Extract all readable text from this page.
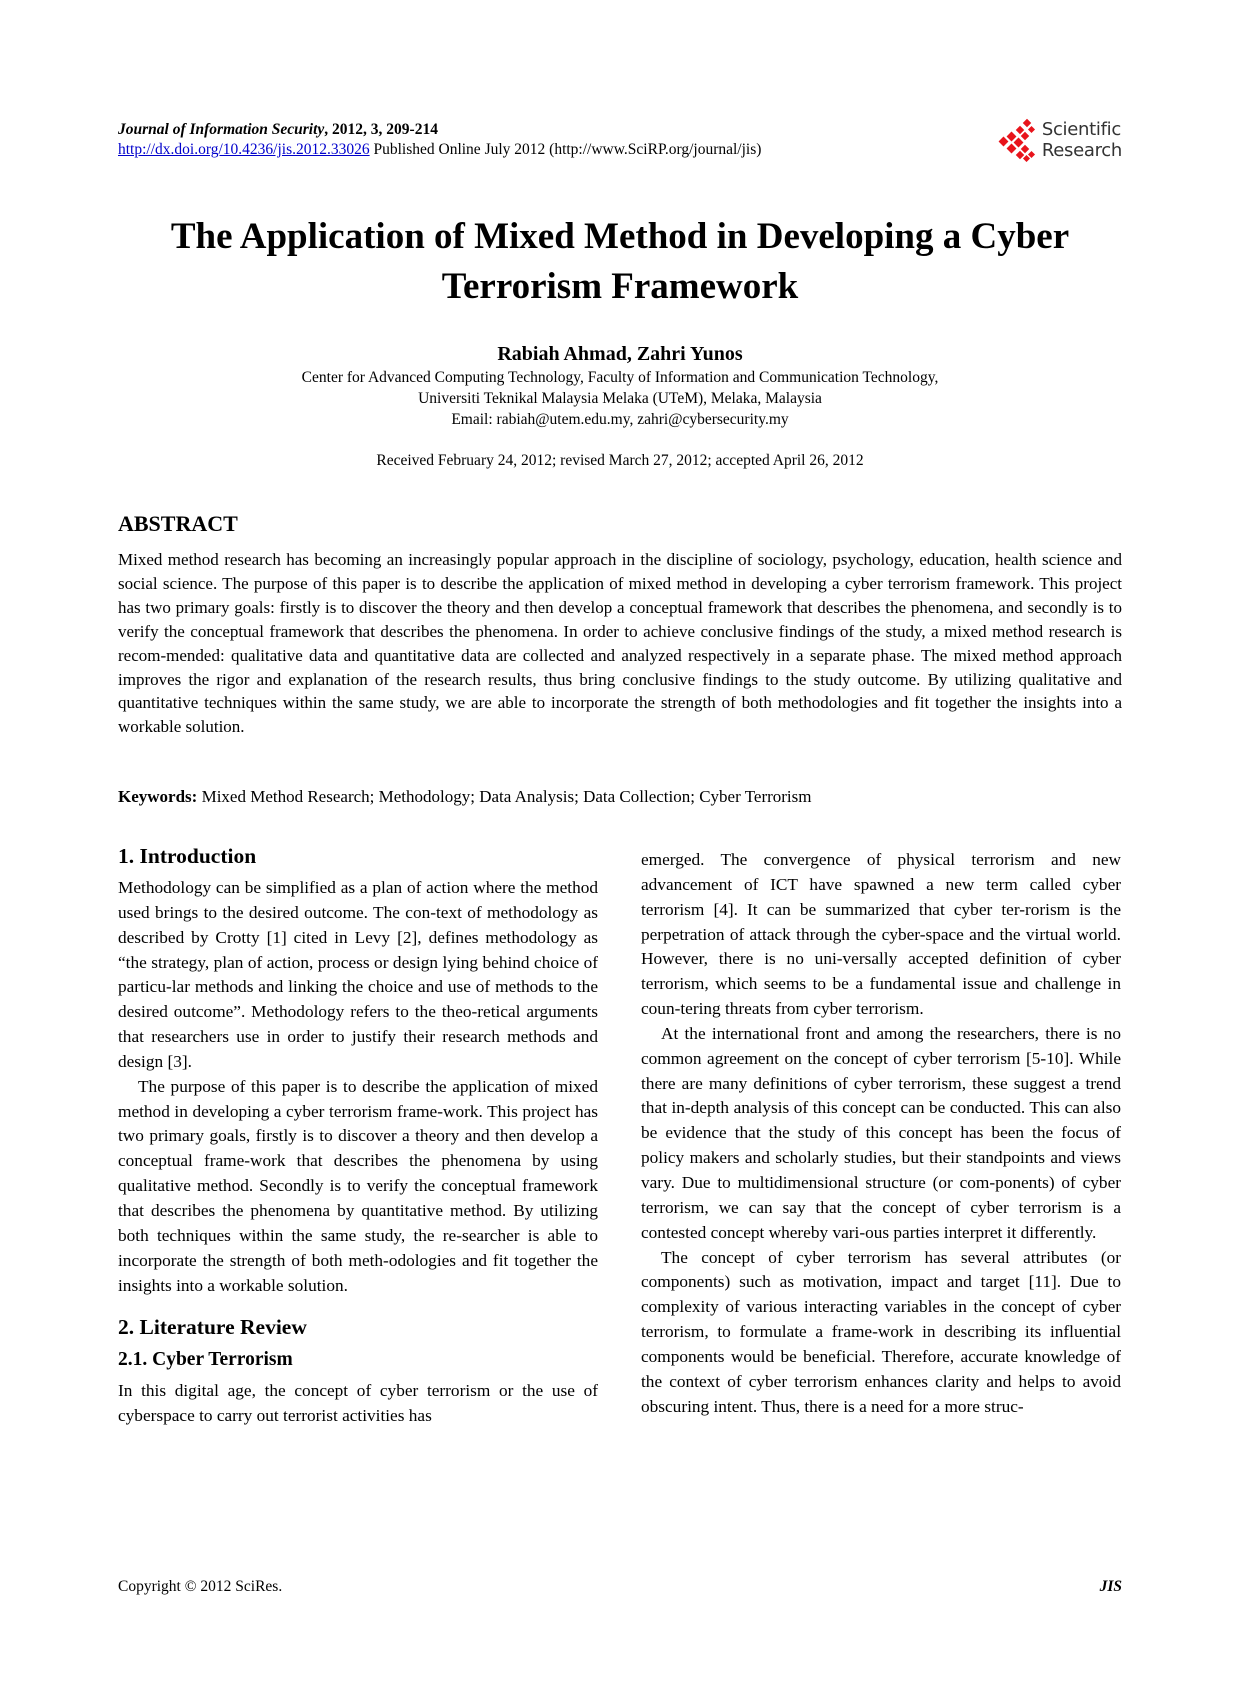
Journal of Information Security, 2012, 3, 209-214
http://dx.doi.org/10.4236/jis.2012.33026 Published Online July 2012 (http://www.SciRP.org/journal/jis)
Scientific
Research
The Application of Mixed Method in Developing a Cyber Terrorism Framework
Rabiah Ahmad, Zahri Yunos
Center for Advanced Computing Technology, Faculty of Information and Communication Technology,
Universiti Teknikal Malaysia Melaka (UTeM), Melaka, Malaysia
Email: rabiah@utem.edu.my, zahri@cybersecurity.my
Received February 24, 2012; revised March 27, 2012; accepted April 26, 2012
ABSTRACT
Mixed method research has becoming an increasingly popular approach in the discipline of sociology, psychology, education, health science and social science. The purpose of this paper is to describe the application of mixed method in developing a cyber terrorism framework. This project has two primary goals: firstly is to discover the theory and then develop a conceptual framework that describes the phenomena, and secondly is to verify the conceptual framework that describes the phenomena. In order to achieve conclusive findings of the study, a mixed method research is recom-mended: qualitative data and quantitative data are collected and analyzed respectively in a separate phase. The mixed method approach improves the rigor and explanation of the research results, thus bring conclusive findings to the study outcome. By utilizing qualitative and quantitative techniques within the same study, we are able to incorporate the strength of both methodologies and fit together the insights into a workable solution.
Keywords: Mixed Method Research; Methodology; Data Analysis; Data Collection; Cyber Terrorism
1. Introduction

Methodology can be simplified as a plan of action where the method used brings to the desired outcome. The con-text of methodology as described by Crotty [1] cited in Levy [2], defines methodology as “the strategy, plan of action, process or design lying behind choice of particu-lar methods and linking the choice and use of methods to the desired outcome”. Methodology refers to the theo-retical arguments that researchers use in order to justify their research methods and design [3].

The purpose of this paper is to describe the application of mixed method in developing a cyber terrorism frame-work. This project has two primary goals, firstly is to discover a theory and then develop a conceptual frame-work that describes the phenomena by using qualitative method. Secondly is to verify the conceptual framework that describes the phenomena by quantitative method. By utilizing both techniques within the same study, the re-searcher is able to incorporate the strength of both meth-odologies and fit together the insights into a workable solution.

2. Literature Review
2.1. Cyber Terrorism

In this digital age, the concept of cyber terrorism or the use of cyberspace to carry out terrorist activities has

emerged. The convergence of physical terrorism and new advancement of ICT have spawned a new term called cyber terrorism [4]. It can be summarized that cyber ter-rorism is the perpetration of attack through the cyber-space and the virtual world. However, there is no uni-versally accepted definition of cyber terrorism, which seems to be a fundamental issue and challenge in coun-tering threats from cyber terrorism.

At the international front and among the researchers, there is no common agreement on the concept of cyber terrorism [5-10]. While there are many definitions of cyber terrorism, these suggest a trend that in-depth analysis of this concept can be conducted. This can also be evidence that the study of this concept has been the focus of policy makers and scholarly studies, but their standpoints and views vary. Due to multidimensional structure (or com-ponents) of cyber terrorism, we can say that the concept of cyber terrorism is a contested concept whereby vari-ous parties interpret it differently.

The concept of cyber terrorism has several attributes (or components) such as motivation, impact and target [11]. Due to complexity of various interacting variables in the concept of cyber terrorism, to formulate a frame-work in describing its influential components would be beneficial. Therefore, accurate knowledge of the context of cyber terrorism enhances clarity and helps to avoid obscuring intent. Thus, there is a need for a more struc-

Copyright © 2012 SciRes.	JIS
